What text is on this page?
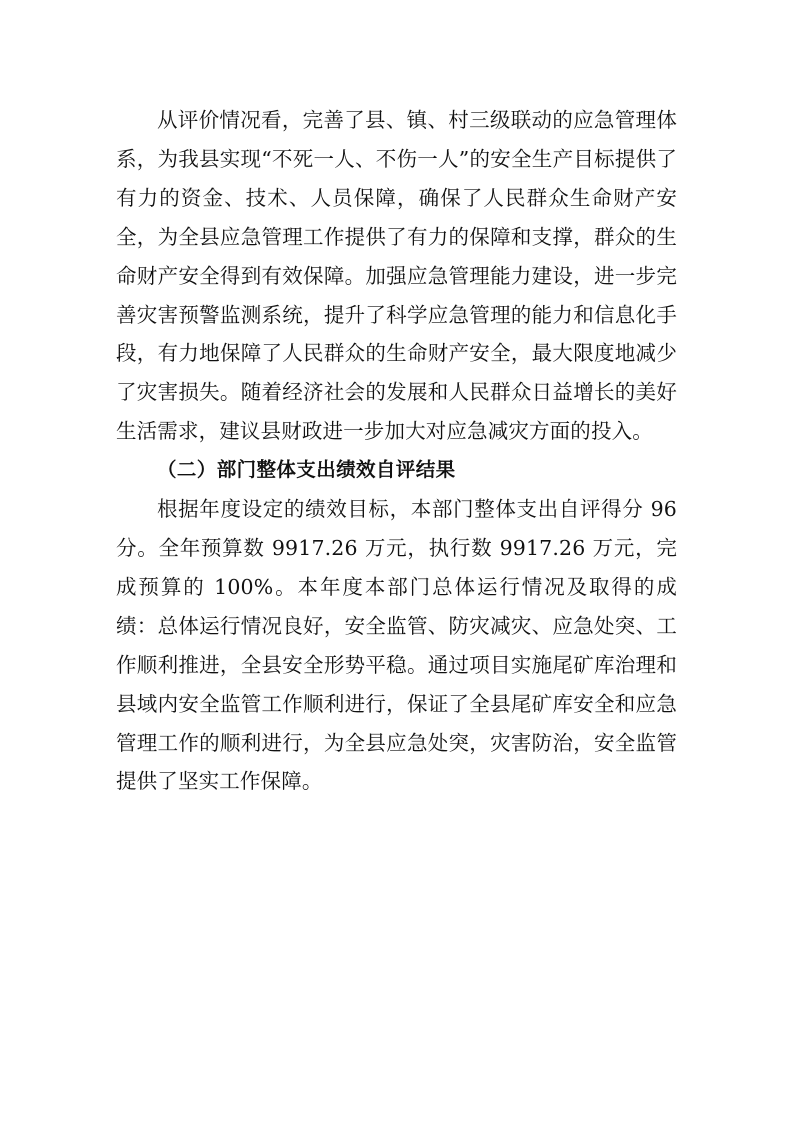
从评价情况看，完善了县、镇、村三级联动的应急管理体系，为我县实现“不死一人、不伤一人”的安全生产目标提供了有力的资金、技术、人员保障，确保了人民群众生命财产安全，为全县应急管理工作提供了有力的保障和支撑，群众的生命财产安全得到有效保障。加强应急管理能力建设，进一步完善灾害预警监测系统，提升了科学应急管理的能力和信息化手段，有力地保障了人民群众的生命财产安全，最大限度地减少了灾害损失。随着经济社会的发展和人民群众日益增长的美好生活需求，建议县财政进一步加大对应急减灾方面的投入。

（二）部门整体支出绩效自评结果

根据年度设定的绩效目标，本部门整体支出自评得分 96 分。全年预算数 9917.26 万元，执行数 9917.26 万元，完成预算的 100%。本年度本部门总体运行情况及取得的成绩：总体运行情况良好，安全监管、防灾减灾、应急处突、工作顺利推进，全县安全形势平稳。通过项目实施尾矿库治理和县域内安全监管工作顺利进行，保证了全县尾矿库安全和应急管理工作的顺利进行，为全县应急处突，灾害防治，安全监管提供了坚实工作保障。
